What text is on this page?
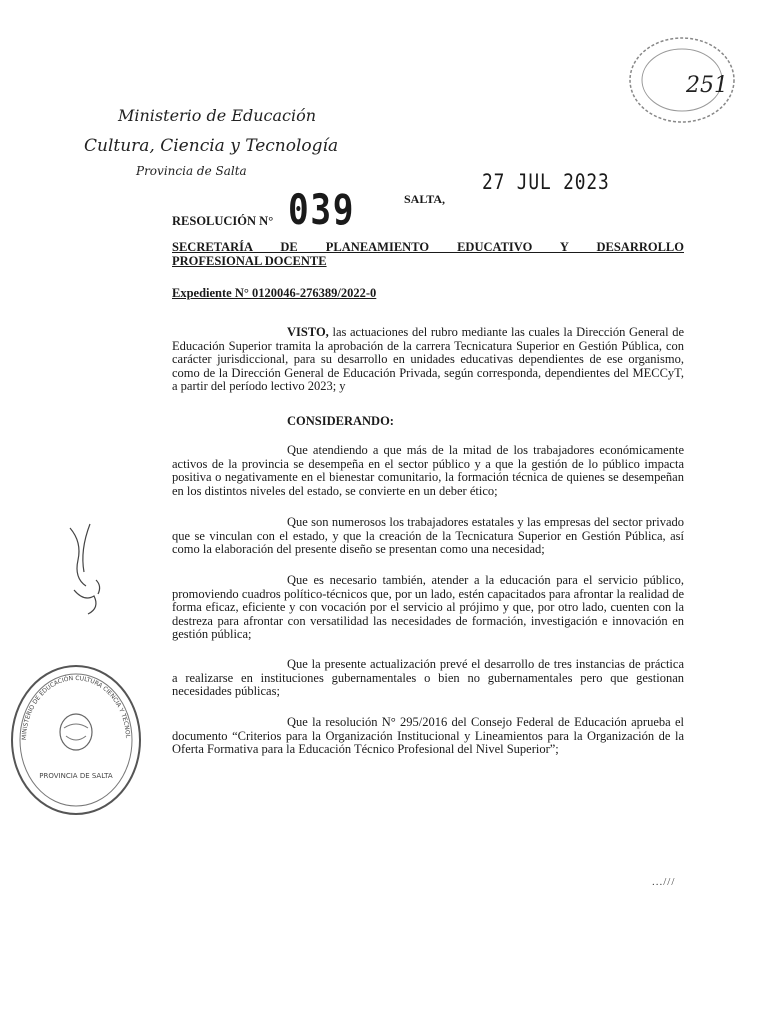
Ministerio de Educación
Cultura, Ciencia y Tecnología
Provincia de Salta
251
RESOLUCIÓN N° 039	SALTA,
27 JUL 2023
SECRETARÍA DE PLANEAMIENTO EDUCATIVO Y DESARROLLO
PROFESIONAL DOCENTE
Expediente N° 0120046-276389/2022-0
VISTO, las actuaciones del rubro mediante las cuales la Dirección General de Educación Superior tramita la aprobación de la carrera Tecnicatura Superior en Gestión Pública, con carácter jurisdiccional, para su desarrollo en unidades educativas dependientes de ese organismo, como de la Dirección General de Educación Privada, según corresponda, dependientes del MECCyT, a partir del período lectivo 2023; y
CONSIDERANDO:
Que atendiendo a que más de la mitad de los trabajadores económicamente activos de la provincia se desempeña en el sector público y a que la gestión de lo público impacta positiva o negativamente en el bienestar comunitario, la formación técnica de quienes se desempeñan en los distintos niveles del estado, se convierte en un deber ético;
Que son numerosos los trabajadores estatales y las empresas del sector privado que se vinculan con el estado, y que la creación de la Tecnicatura Superior en Gestión Pública, así como la elaboración del presente diseño se presentan como una necesidad;
Que es necesario también, atender a la educación para el servicio público, promoviendo cuadros político-técnicos que, por un lado, estén capacitados para afrontar la realidad de forma eficaz, eficiente y con vocación por el servicio al prójimo y que, por otro lado, cuenten con la destreza para afrontar con versatilidad las necesidades de formación, investigación e innovación en gestión pública;
Que la presente actualización prevé el desarrollo de tres instancias de práctica a realizarse en instituciones gubernamentales o bien no gubernamentales pero que gestionan necesidades públicas;
Que la resolución N° 295/2016 del Consejo Federal de Educación aprueba el documento “Criterios para la Organización Institucional y Lineamientos para la Organización de la Oferta Formativa para la Educación Técnico Profesional del Nivel Superior”;
MINISTERIO DE EDUCACIÓN CULTURA CIENCIA Y TECNOL
PROVINCIA DE SALTA
...///
